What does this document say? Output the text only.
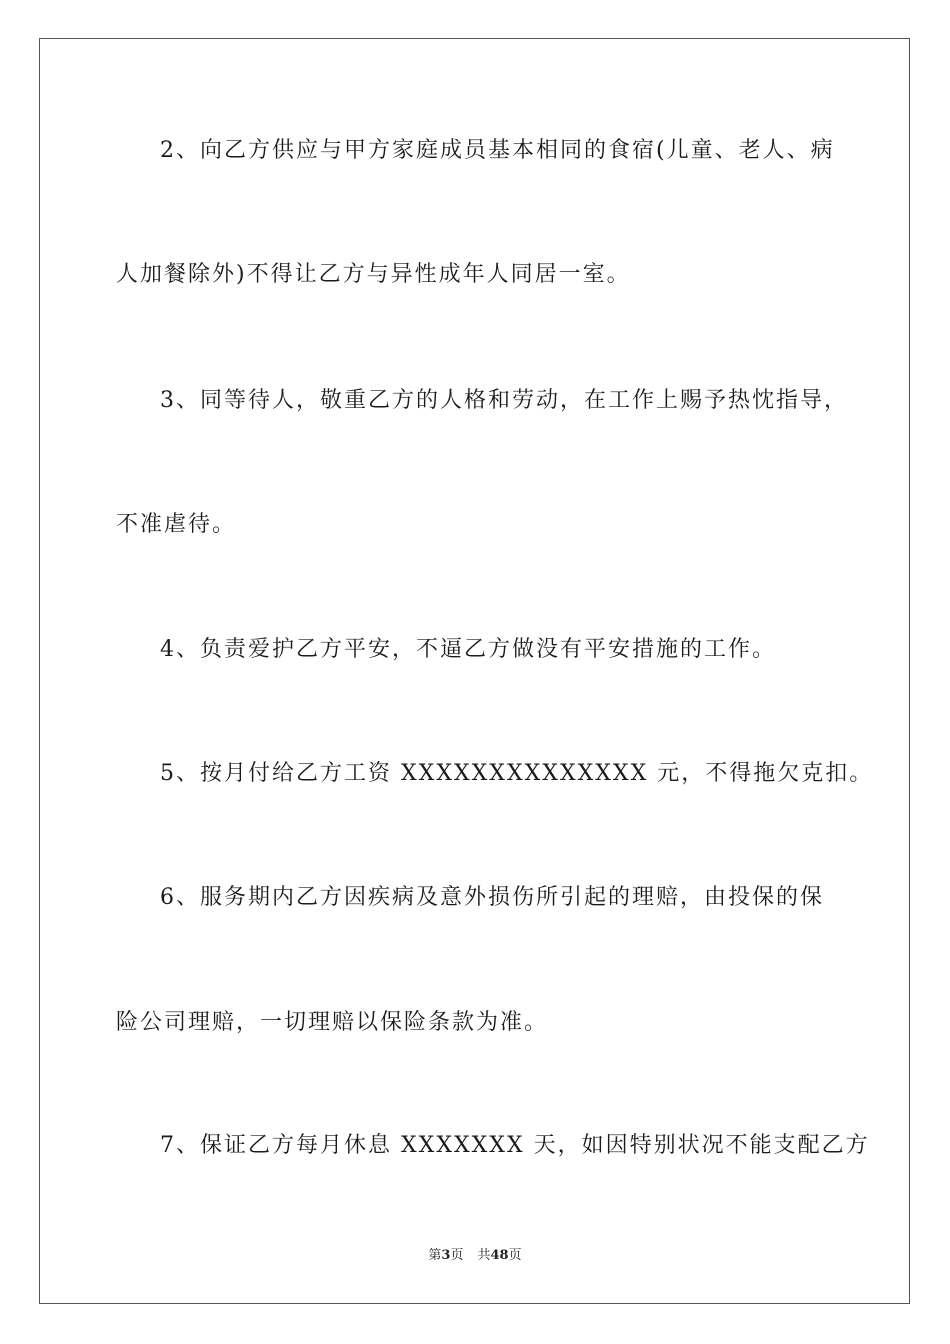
2、向乙方供应与甲方家庭成员基本相同的食宿(儿童、老人、病
人加餐除外)不得让乙方与异性成年人同居一室。
3、同等待人，敬重乙方的人格和劳动，在工作上赐予热忱指导，
不准虐待。
4、负责爱护乙方平安，不逼乙方做没有平安措施的工作。
5、按月付给乙方工资 XXXXXXXXXXXXXX 元，不得拖欠克扣。
6、服务期内乙方因疾病及意外损伤所引起的理赔，由投保的保
险公司理赔，一切理赔以保险条款为准。
7、保证乙方每月休息 XXXXXXX 天，如因特别状况不能支配乙方
第3页 共48页
